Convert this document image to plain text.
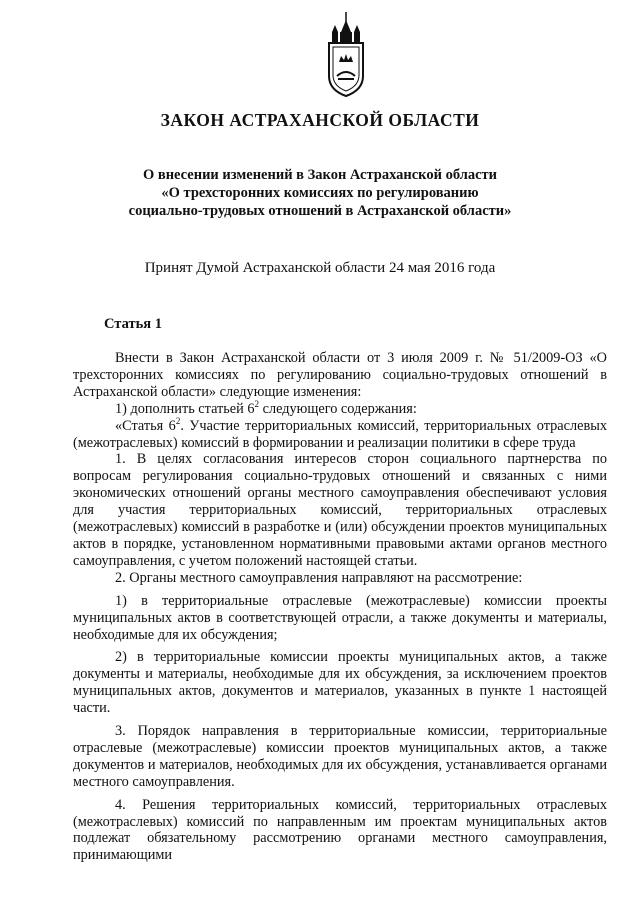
ЗАКОН АСТРАХАНСКОЙ ОБЛАСТИ
О внесении изменений в Закон Астраханской области
«О трехсторонних комиссиях по регулированию
социально-трудовых отношений в Астраханской области»
Принят Думой Астраханской области 24 мая 2016 года
Статья 1

Внести в Закон Астраханской области от 3 июля 2009 г. № 51/2009-ОЗ «О трехсторонних комиссиях по регулированию социально-трудовых отношений в Астраханской области» следующие изменения:

1) дополнить статьей $6^2$ следующего содержания:

«Статья $6^2$. Участие территориальных комиссий, территориальных отраслевых (межотраслевых) комиссий в формировании и реализации политики в сфере труда

1. В целях согласования интересов сторон социального партнерства по вопросам регулирования социально-трудовых отношений и связанных с ними экономических отношений органы местного самоуправления обеспечивают условия для участия территориальных комиссий, территориальных отраслевых (межотраслевых) комиссий в разработке и (или) обсуждении проектов муниципальных актов в порядке, установленном нормативными правовыми актами органов местного самоуправления, с учетом положений настоящей статьи.

2. Органы местного самоуправления направляют на рассмотрение:

1) в территориальные отраслевые (межотраслевые) комиссии проекты муниципальных актов в соответствующей отрасли, а также документы и материалы, необходимые для их обсуждения;

2) в территориальные комиссии проекты муниципальных актов, а также документы и материалы, необходимые для их обсуждения, за исключением проектов муниципальных актов, документов и материалов, указанных в пункте 1 настоящей части.

3. Порядок направления в территориальные комиссии, территориальные отраслевые (межотраслевые) комиссии проектов муниципальных актов, а также документов и материалов, необходимых для их обсуждения, устанавливается органами местного самоуправления.

4. Решения территориальных комиссий, территориальных отраслевых (межотраслевых) комиссий по направленным им проектам муниципальных актов подлежат обязательному рассмотрению органами местного самоуправления, принимающими
